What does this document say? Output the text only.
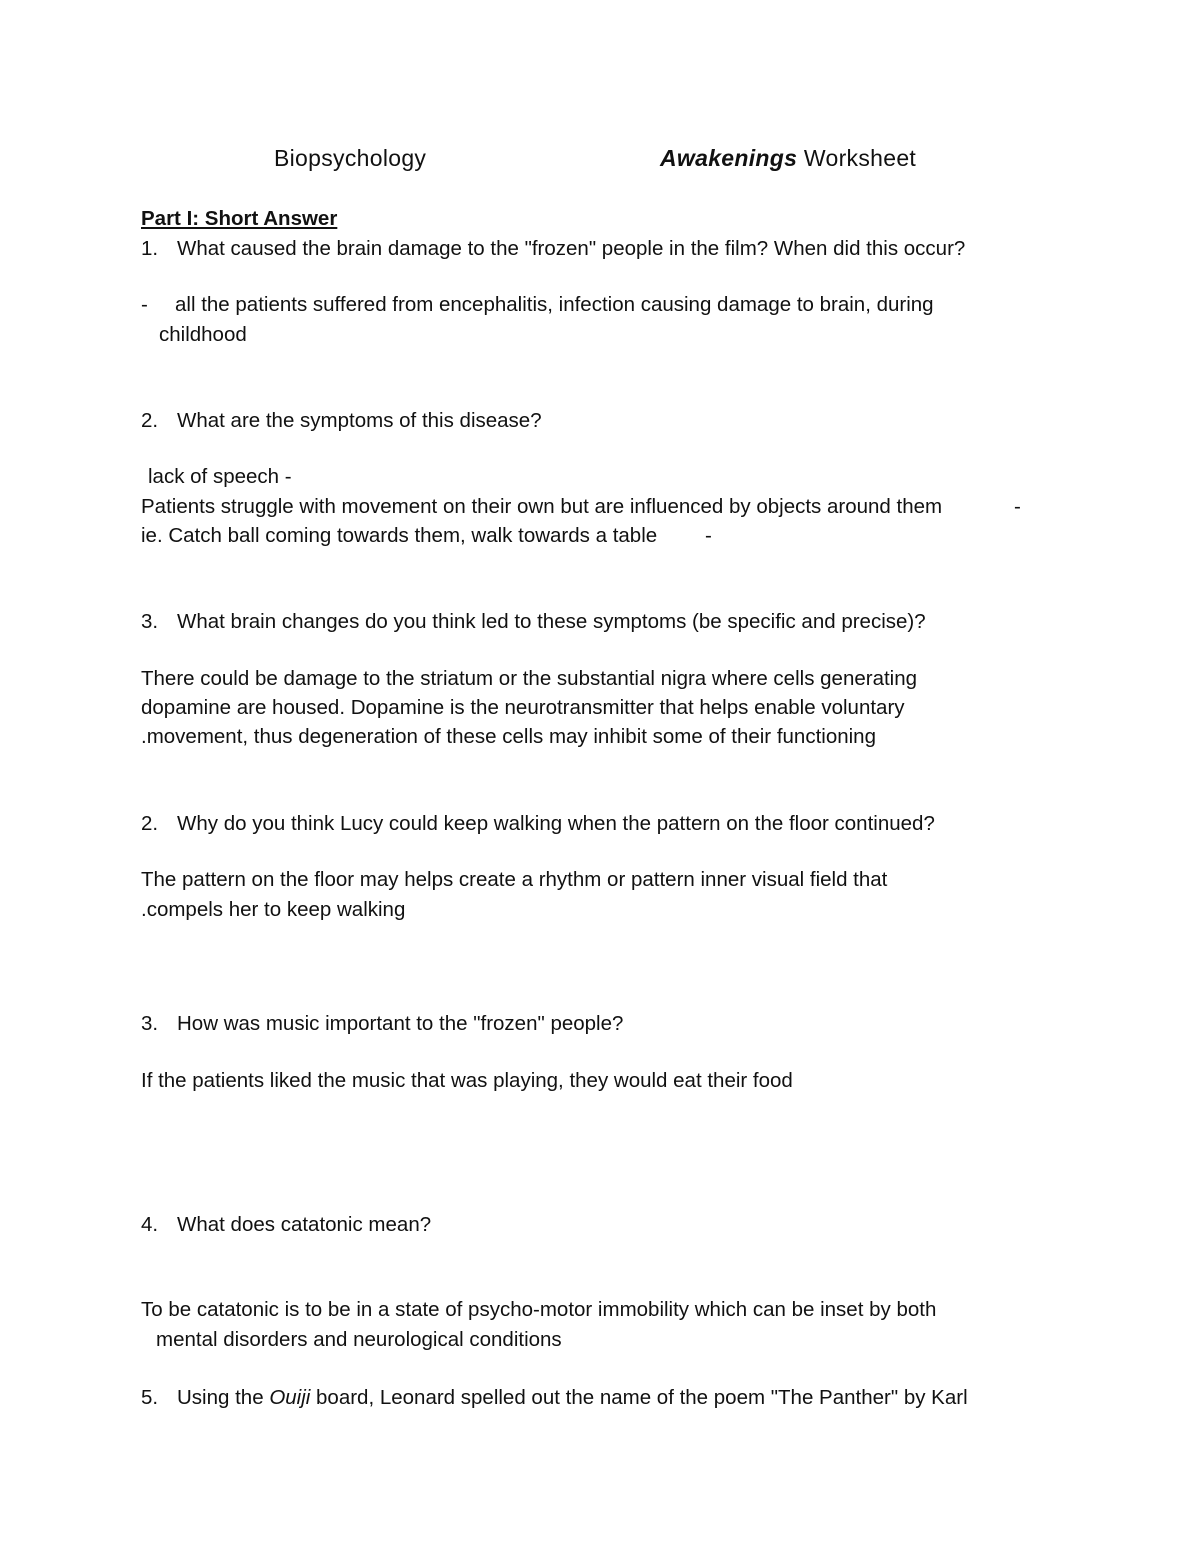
Biopsychology	Awakenings Worksheet
Part I: Short Answer
1. What caused the brain damage to the "frozen" people in the film? When did this occur?
- all the patients suffered from encephalitis, infection causing damage to brain, during
childhood
2. What are the symptoms of this disease?
lack of speech -
Patients struggle with movement on their own but are influenced by objects around them	-
ie. Catch ball coming towards them, walk towards a table -
3. What brain changes do you think led to these symptoms (be specific and precise)?
There could be damage to the striatum or the substantial nigra where cells generating
dopamine are housed. Dopamine is the neurotransmitter that helps enable voluntary
.movement, thus degeneration of these cells may inhibit some of their functioning
2. Why do you think Lucy could keep walking when the pattern on the floor continued?
The pattern on the floor may helps create a rhythm or pattern inner visual field that
.compels her to keep walking
3. How was music important to the "frozen" people?
If the patients liked the music that was playing, they would eat their food
4. What does catatonic mean?
To be catatonic is to be in a state of psycho-motor immobility which can be inset by both
mental disorders and neurological conditions
5. Using the Ouiji board, Leonard spelled out the name of the poem "The Panther" by Karl
